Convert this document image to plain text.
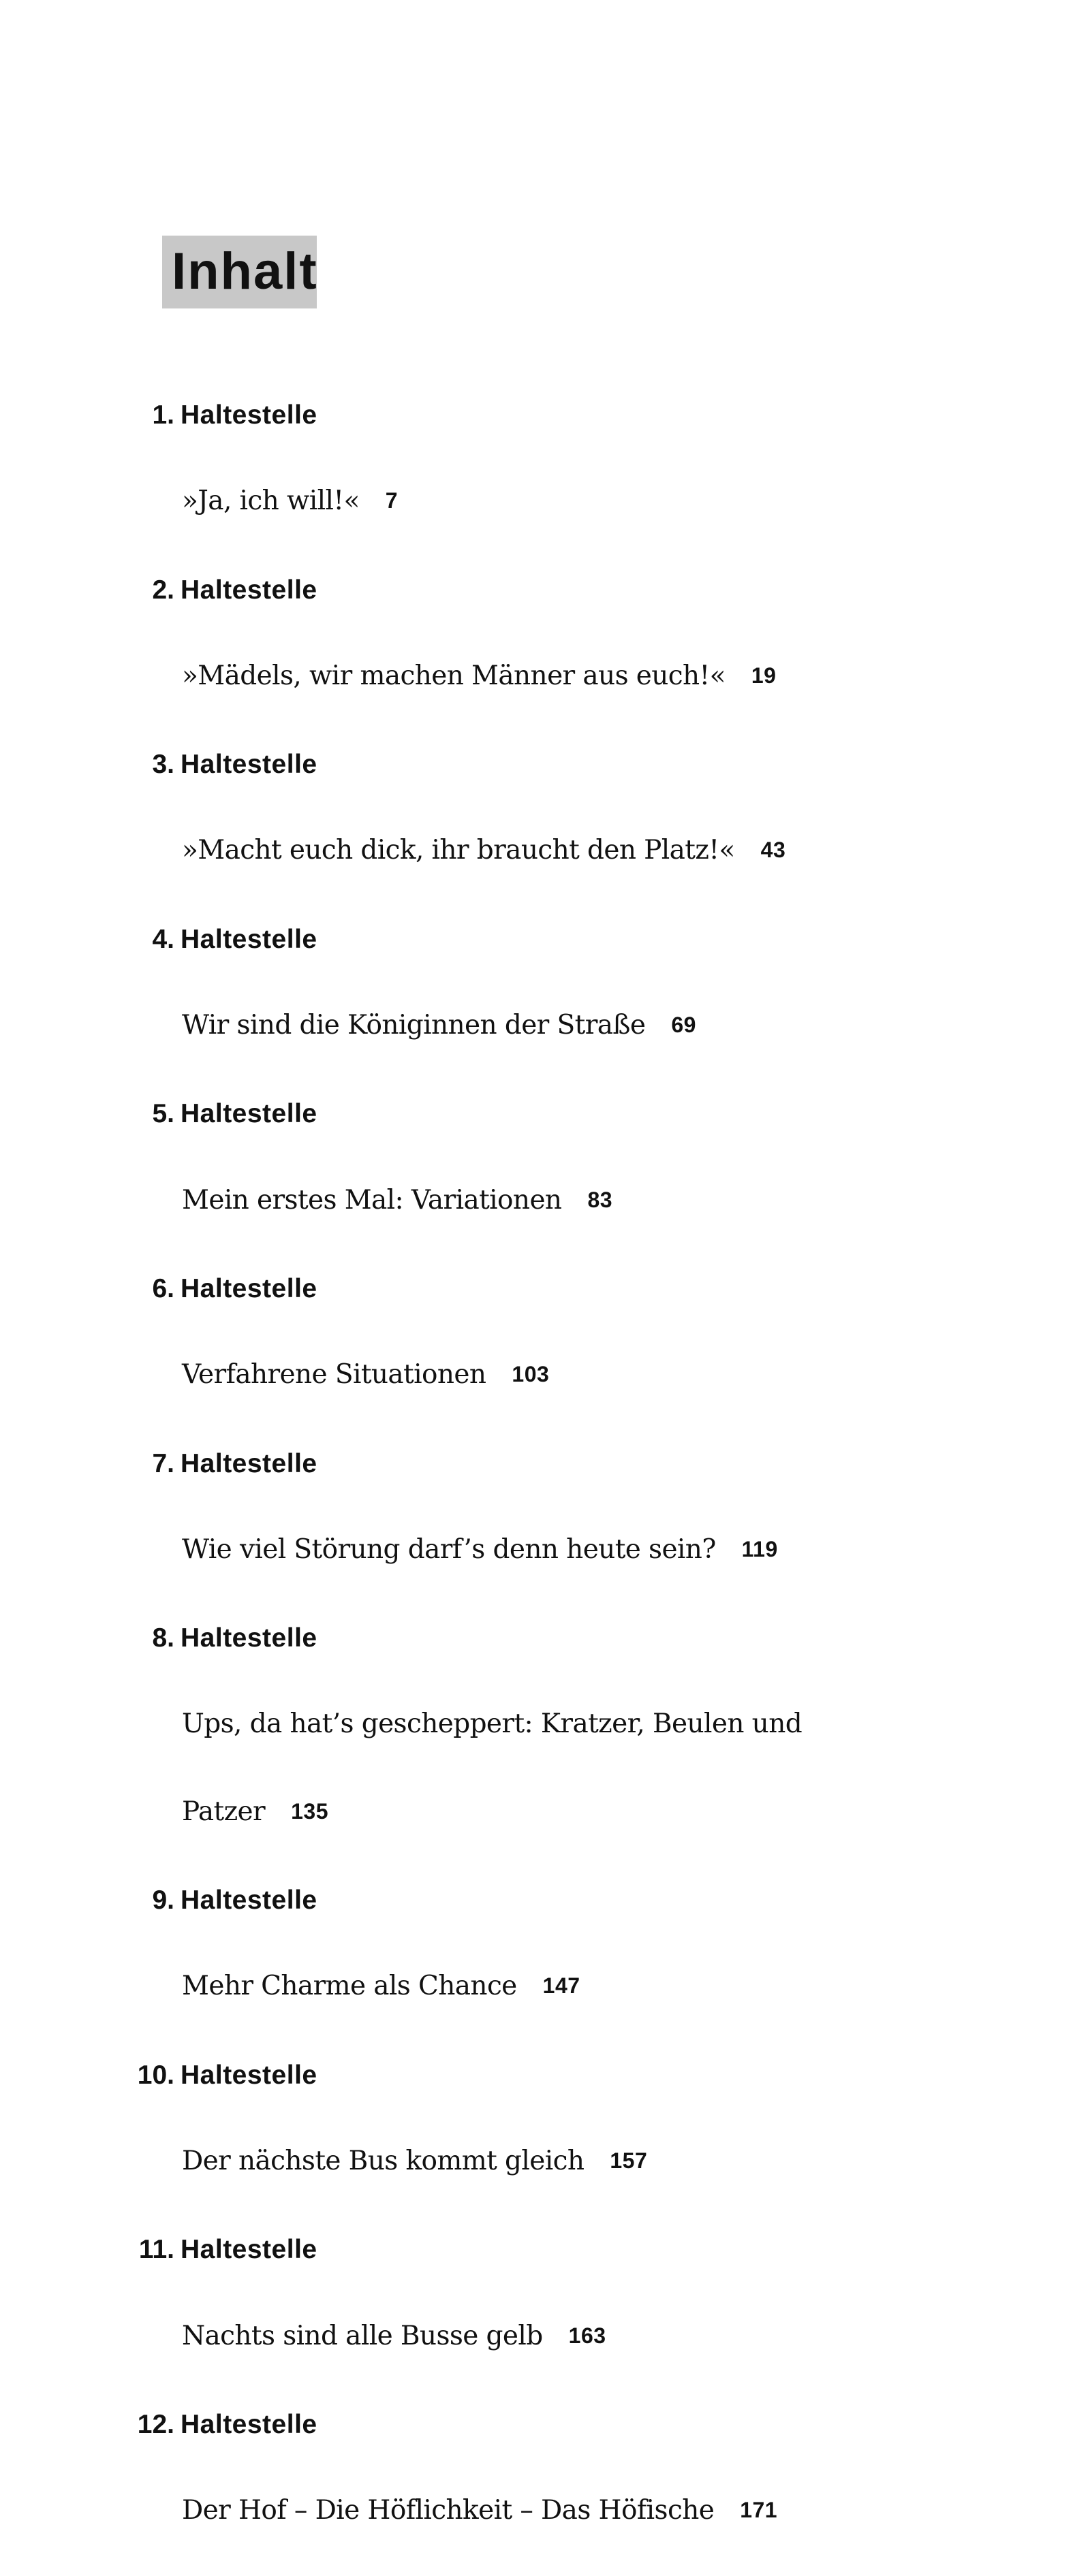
Inhalt
1. Haltestelle
»Ja, ich will!« 7
2. Haltestelle
»Mädels, wir machen Männer aus euch!« 19
3. Haltestelle
»Macht euch dick, ihr braucht den Platz!« 43
4. Haltestelle
Wir sind die Königinnen der Straße 69
5. Haltestelle
Mein erstes Mal: Variationen 83
6. Haltestelle
Verfahrene Situationen 103
7. Haltestelle
Wie viel Störung darf’s denn heute sein? 119
8. Haltestelle
Ups, da hat’s gescheppert: Kratzer, Beulen und
Patzer 135
9. Haltestelle
Mehr Charme als Chance 147
10. Haltestelle
Der nächste Bus kommt gleich 157
11. Haltestelle
Nachts sind alle Busse gelb 163
12. Haltestelle
Der Hof – Die Höflichkeit – Das Höfische 171
